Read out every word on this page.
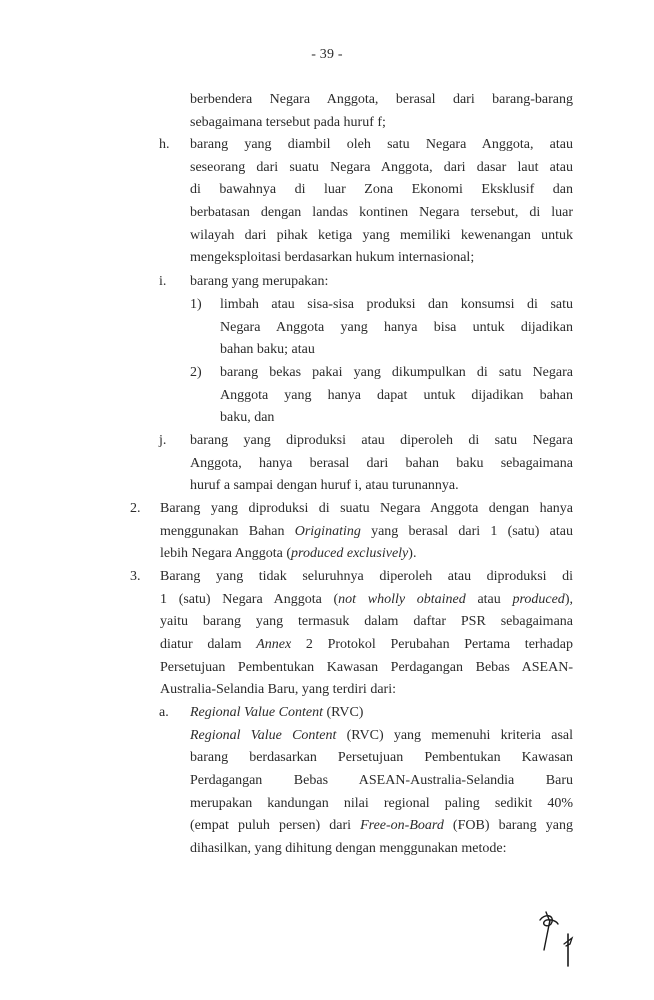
- 39 -
berbendera Negara Anggota, berasal dari barang-barang
sebagaimana tersebut pada huruf f;
h. barang yang diambil oleh satu Negara Anggota, atau
seseorang dari suatu Negara Anggota, dari dasar laut atau
di bawahnya di luar Zona Ekonomi Eksklusif dan
berbatasan dengan landas kontinen Negara tersebut, di luar
wilayah dari pihak ketiga yang memiliki kewenangan untuk
mengeksploitasi berdasarkan hukum internasional;
i. barang yang merupakan:
1) limbah atau sisa-sisa produksi dan konsumsi di satu
Negara Anggota yang hanya bisa untuk dijadikan
bahan baku; atau
2) barang bekas pakai yang dikumpulkan di satu Negara
Anggota yang hanya dapat untuk dijadikan bahan
baku, dan
j. barang yang diproduksi atau diperoleh di satu Negara
Anggota, hanya berasal dari bahan baku sebagaimana
huruf a sampai dengan huruf i, atau turunannya.
2. Barang yang diproduksi di suatu Negara Anggota dengan hanya
menggunakan Bahan Originating yang berasal dari 1 (satu) atau
lebih Negara Anggota (produced exclusively).
3. Barang yang tidak seluruhnya diperoleh atau diproduksi di
1 (satu) Negara Anggota (not wholly obtained atau produced),
yaitu barang yang termasuk dalam daftar PSR sebagaimana
diatur dalam Annex 2 Protokol Perubahan Pertama terhadap
Persetujuan Pembentukan Kawasan Perdagangan Bebas ASEAN-
Australia-Selandia Baru, yang terdiri dari:
a. Regional Value Content (RVC)
Regional Value Content (RVC) yang memenuhi kriteria asal
barang berdasarkan Persetujuan Pembentukan Kawasan
Perdagangan Bebas ASEAN-Australia-Selandia Baru
merupakan kandungan nilai regional paling sedikit 40%
(empat puluh persen) dari Free-on-Board (FOB) barang yang
dihasilkan, yang dihitung dengan menggunakan metode:
